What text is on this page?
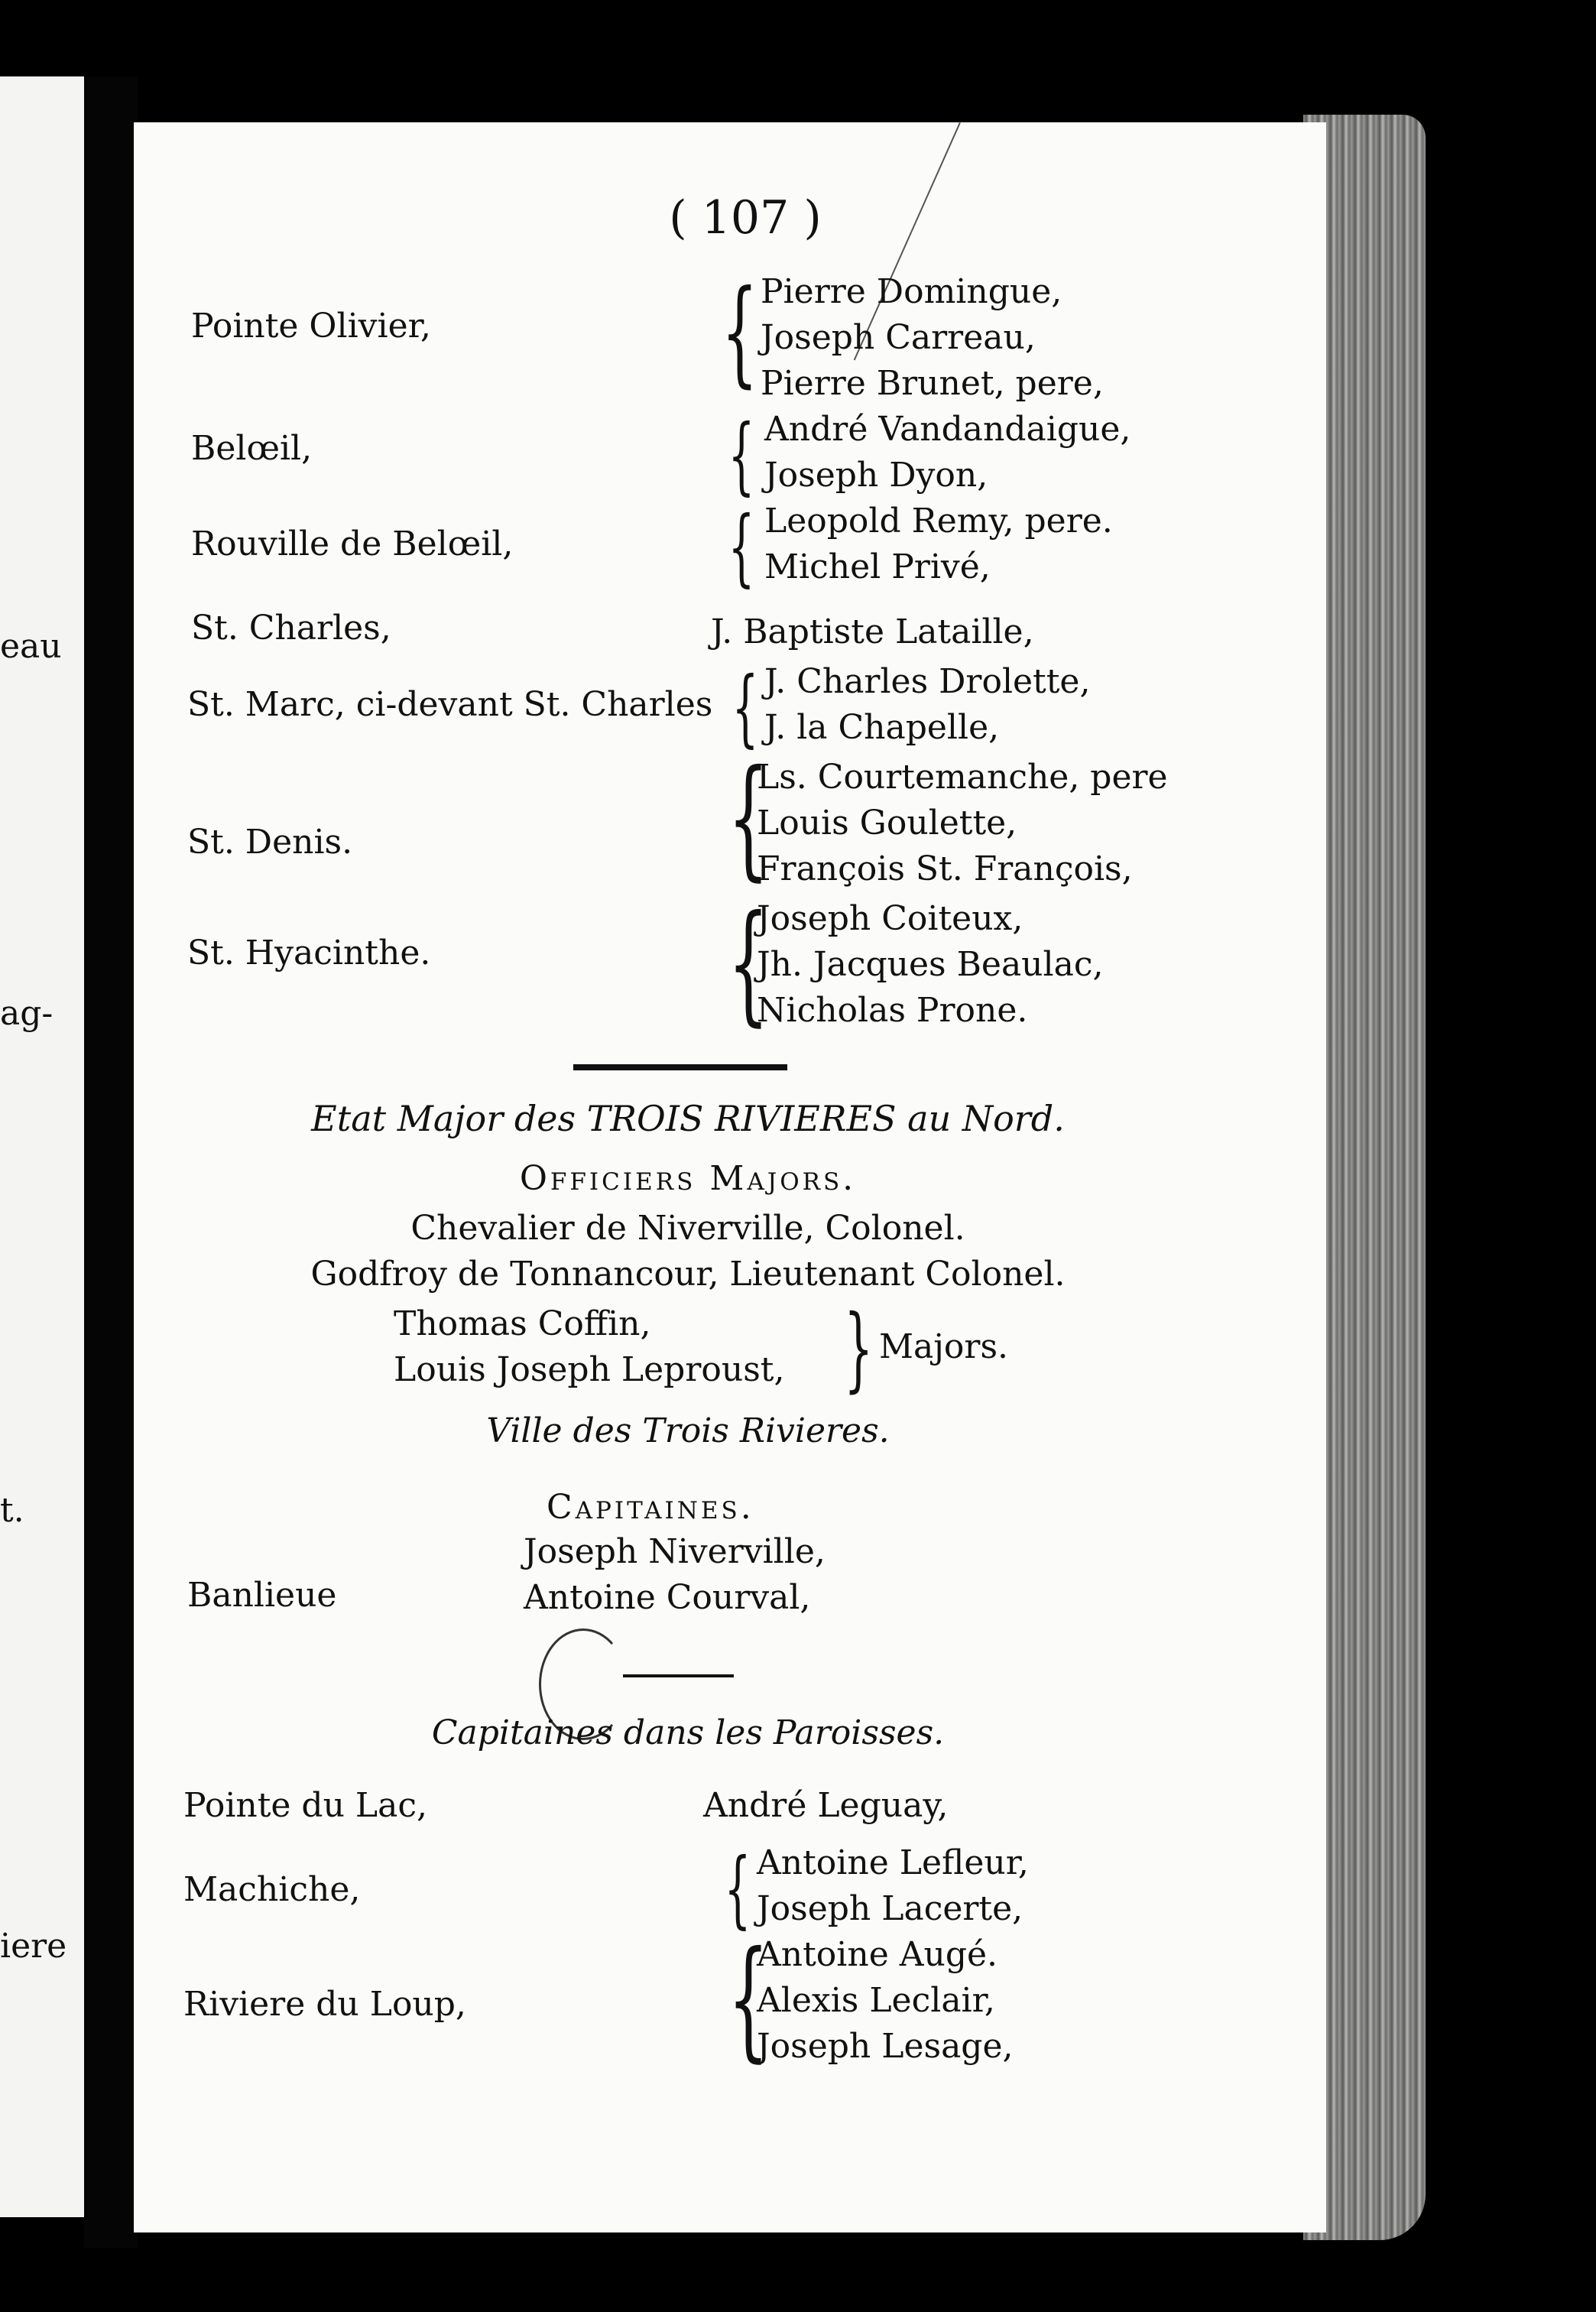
eau
ag-
t.
iere
( 107 )
Pointe Olivier,	{ Pierre Domingue,
Joseph Carreau,
Pierre Brunet, pere,
Belœil,	{ André Vandandaigue,
Joseph Dyon,
Rouville de Belœil,	{ Leopold Remy, pere.
Michel Privé,
St. Charles,	J. Baptiste Lataille,
St. Marc, ci-devant St. Charles { J. Charles Drolette,
J. la Chapelle,
St. Denis.	{
Ls. Courtemanche, pere
Louis Goulette,
François St. François,
St. Hyacinthe. {
Joseph Coiteux,
Jh. Jacques Beaulac,
Nicholas Prone.
Etat Major des TROIS RIVIERES au Nord.
Officiers Majors.
Chevalier de Niverville, Colonel.
Godfroy de Tonnancour, Lieutenant Colonel.
Thomas Coffin,
Louis Joseph Leproust, } Majors.
Ville des Trois Rivieres.
Capitaines.
Banlieue
Joseph Niverville,
Antoine Courval,
Capitaines dans les Paroisses.
Pointe du Lac,	André Leguay,
Machiche,	{ Antoine Lefleur,
Joseph Lacerte,
Riviere du Loup, {
Antoine Augé.
Alexis Leclair,
Joseph Lesage,
